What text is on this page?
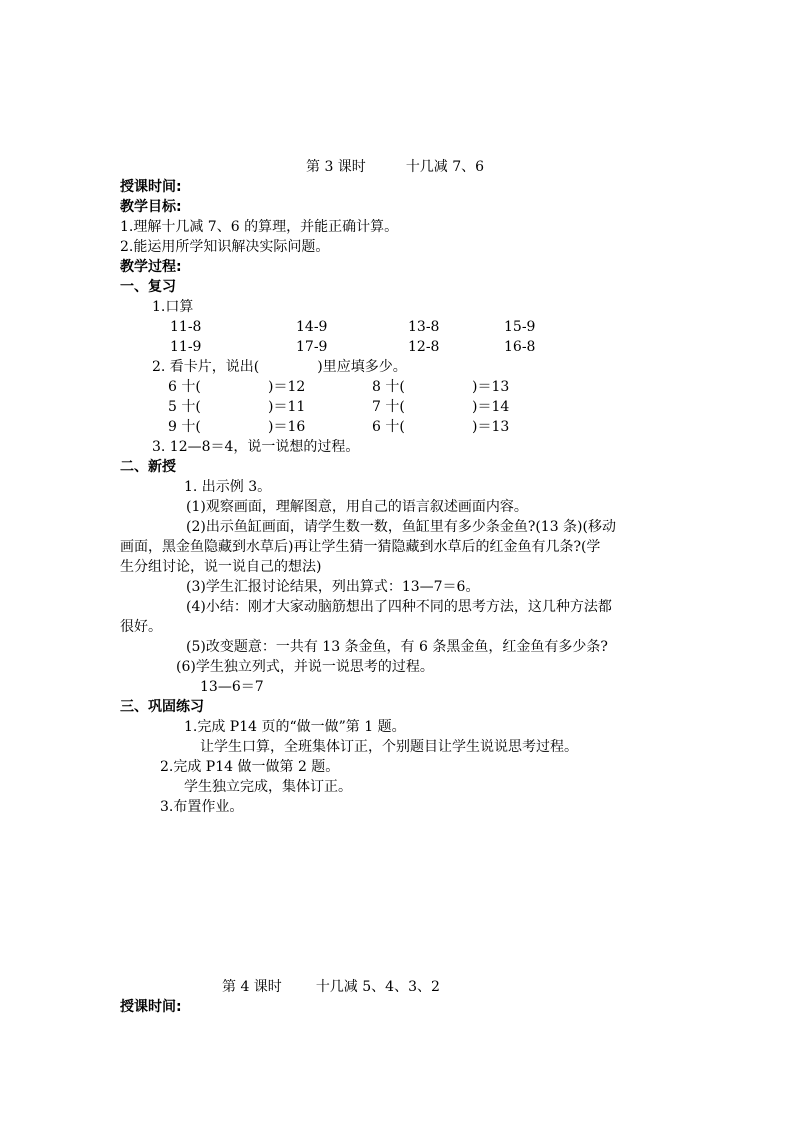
第 3 课时	十几减 7、6
授课时间:
教学目标:
1.理解十几减 7、6 的算理，并能正确计算。
2.能运用所学知识解决实际问题。
教学过程:
一、复习
1.口算
11-8	14-9	13-8	15-9
11-9	17-9	12-8	16-8
2. 看卡片，说出(	)里应填多少。
6 十(	)＝12	8 十(	)＝13
5 十(	)＝11	7 十(	)＝14
9 十(	)＝16	6 十(	)＝13
3. 12—8＝4，说一说想的过程。
二、新授
1. 出示例 3。
(1)观察画面，理解图意，用自己的语言叙述画面内容。
(2)出示鱼缸画面，请学生数一数，鱼缸里有多少条金鱼?(13 条)(移动
画面，黑金鱼隐藏到水草后)再让学生猜一猜隐藏到水草后的红金鱼有几条?(学
生分组讨论，说一说自己的想法)
(3)学生汇报讨论结果，列出算式：13—7＝6。
(4)小结：刚才大家动脑筋想出了四种不同的思考方法，这几种方法都
很好。
(5)改变题意：一共有 13 条金鱼，有 6 条黑金鱼，红金鱼有多少条?
(6)学生独立列式，并说一说思考的过程。
13—6＝7
三、巩固练习
1.完成 P14 页的“做一做”第 1 题。
让学生口算，全班集体订正，个别题目让学生说说思考过程。
2.完成 P14 做一做第 2 题。
学生独立完成，集体订正。
3.布置作业。
第 4 课时 十几减 5、4、3、2
授课时间:
